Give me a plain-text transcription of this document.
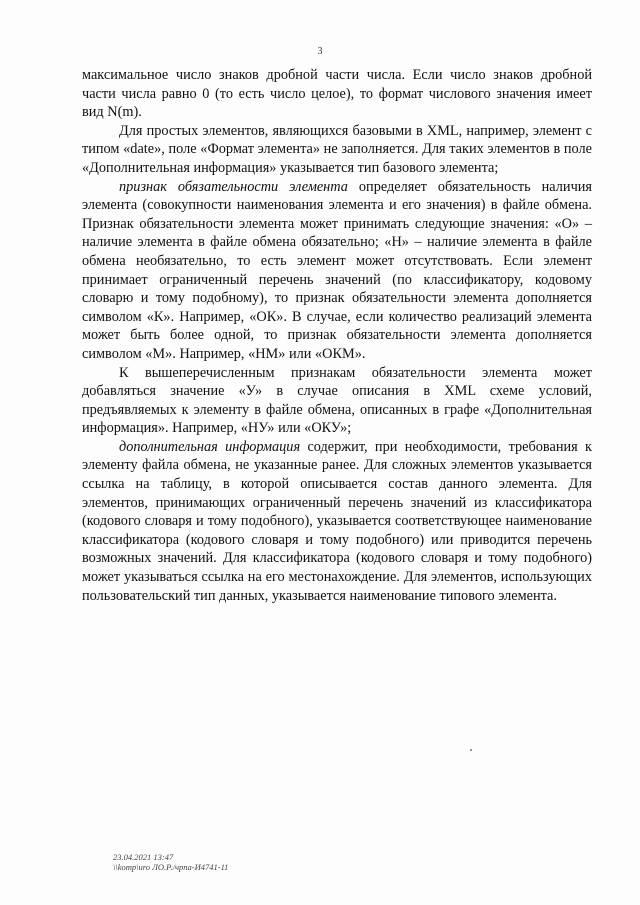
3

максимальное число знаков дробной части числа. Если число знаков дробной части числа равно 0 (то есть число целое), то формат числового значения имеет вид N(m).

Для простых элементов, являющихся базовыми в XML, например, элемент с типом «date», поле «Формат элемента» не заполняется. Для таких элементов в поле «Дополнительная информация» указывается тип базового элемента;

признак обязательности элемента определяет обязательность наличия элемента (совокупности наименования элемента и его значения) в файле обмена. Признак обязательности элемента может принимать следующие значения: «О» – наличие элемента в файле обмена обязательно; «Н» – наличие элемента в файле обмена необязательно, то есть элемент может отсутствовать. Если элемент принимает ограниченный перечень значений (по классификатору, кодовому словарю и тому подобному), то признак обязательности элемента дополняется символом «К». Например, «ОК». В случае, если количество реализаций элемента может быть более одной, то признак обязательности элемента дополняется символом «М». Например, «НМ» или «ОКМ».

К вышеперечисленным признакам обязательности элемента может добавляться значение «У» в случае описания в XML схеме условий, предъявляемых к элементу в файле обмена, описанных в графе «Дополнительная информация». Например, «НУ» или «ОКУ»;

дополнительная информация содержит, при необходимости, требования к элементу файла обмена, не указанные ранее. Для сложных элементов указывается ссылка на таблицу, в которой описывается состав данного элемента. Для элементов, принимающих ограниченный перечень значений из классификатора (кодового словаря и тому подобного), указывается соответствующее наименование классификатора (кодового словаря и тому подобного) или приводится перечень возможных значений. Для классификатора (кодового словаря и тому подобного) может указываться ссылка на его местонахождение. Для элементов, использующих пользовательский тип данных, указывается наименование типового элемента.

23.04.2021 13:47
\\komp\uro ЛО.Р./чрпа-И4741-11
